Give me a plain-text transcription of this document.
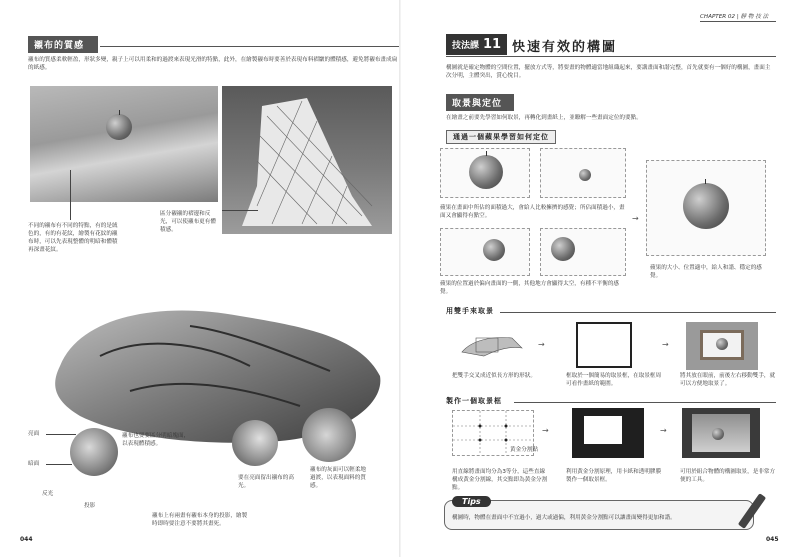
襯布的質感
襯布的質感柔軟輕盈，形狀多變，親子上可以用柔和的過渡來表現光滑的特點，此外，在繪製襯布時要善於表現布料褶皺的體積感，避免將襯布畫成扁的紙感。
不同的襯布有不同的特點，有的是絨色的，有的有花紋，繪製有花紋的襯布時，可以先表現整體的明暗和體積再深畫花紋。
區分襯襯的褶邊和反光，可以使襯布更有體積感。
亮面
暗面
反光
投影
襯布也要要區分明暗塊面，以表現體積感。
要在亮面留出襯布的高光。
襯布的灰面可以輕柔地過渡，以表現面料的質感。
襯布上有兩畫有襯布本身的投影，繪製時即時要注意不要將其畫死。
044
CHAPTER 02 | 靜 物 技 法
技法課 11 快速有效的構圖
構圖就是確定物體的空間位置，擺放方式等，將要畫的物體適當地組織起來，要講畫面和諧完整，首先就要有一個好的構圖，畫面主次分明，主體突出，賞心悅目。
取景與定位
在繪畫之前要先學習如何取景，再轉化到畫紙上，並瞭解一些畫面定位的要點。
通過一個蘋果學習如何定位
蘋果在畫面中所佔的面積過大，會給人比較擁擠的感覺；所佔面積過小，畫面又會顯得有點空。
蘋果的位置過於偏向畫面的一側，其他地方會顯得太空，有種不平衡的感覺。
→
蘋果的大小、位置適中，給人和諧、穩定的感覺。
用雙手來取景
→	→
把雙手交叉成近似長方形的形狀。	框取於一個簡易的取景框，在取景框周可看作畫紙的範圍。
將其放在眼前，前後左右移動雙手，就可以方便地取景了。
製作一個取景框
黃金分割點
→	→
用直線將畫面均分為3等分，這些直線構成黃金分割線，其交點即為黃金分割點。
利用黃金分割原理，用卡紙和透明膠膜製作一個取景框。
可用於組合物體的構圖取景，是非常方便的工具。
Tips
構圖時，物體在畫面中不宜過小，過大或過偏，利用黃金分割點可以讓畫面變得更加和諧。
045
